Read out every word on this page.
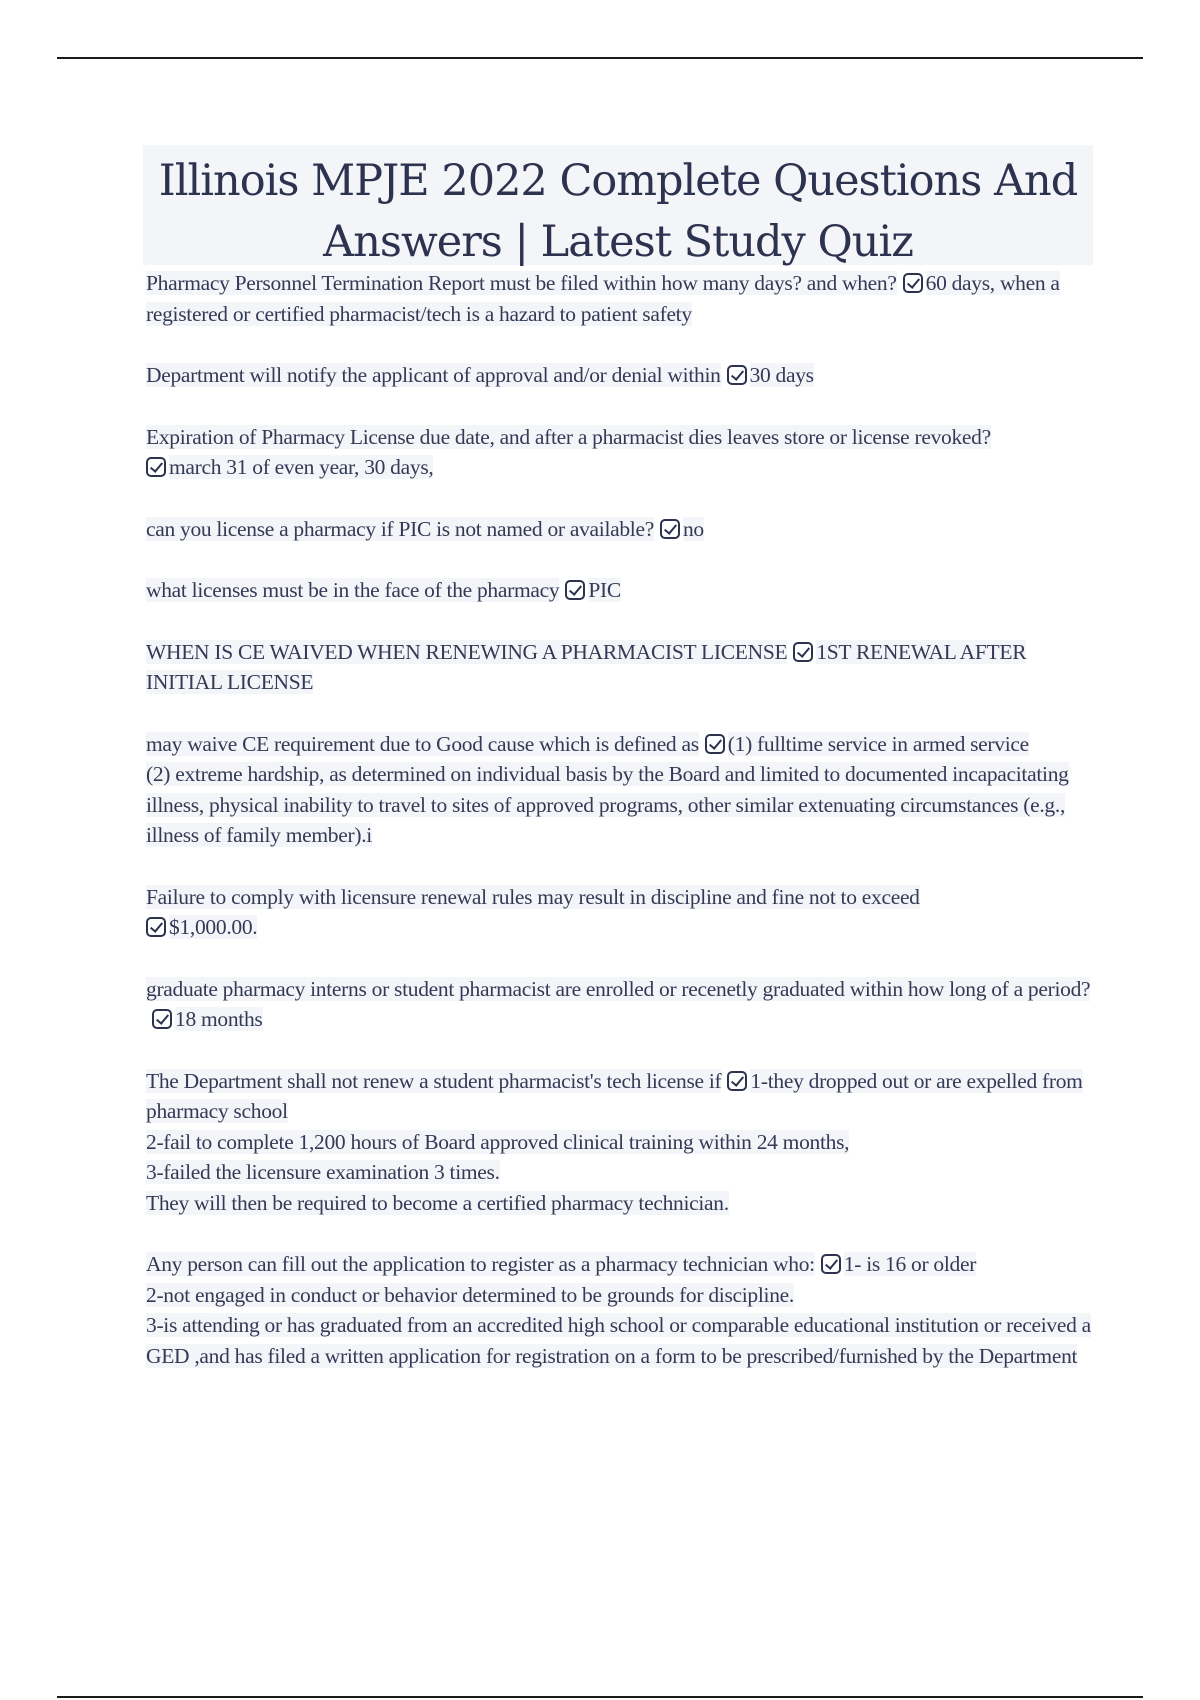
Illinois MPJE 2022 Complete Questions And Answers | Latest Study Quiz

Pharmacy Personnel Termination Report must be filed within how many days? and when? 60 days, when a registered or certified pharmacist/tech is a hazard to patient safety

Department will notify the applicant of approval and/or denial within 30 days

Expiration of Pharmacy License due date, and after a pharmacist dies leaves store or license revoked?
march 31 of even year, 30 days,

can you license a pharmacy if PIC is not named or available? no

what licenses must be in the face of the pharmacy PIC

WHEN IS CE WAIVED WHEN RENEWING A PHARMACIST LICENSE 1ST RENEWAL AFTER INITIAL LICENSE

may waive CE requirement due to Good cause which is defined as (1) fulltime service in armed service
(2) extreme hardship, as determined on individual basis by the Board and limited to documented incapacitating illness, physical inability to travel to sites of approved programs, other similar extenuating circumstances (e.g., illness of family member).i

Failure to comply with licensure renewal rules may result in discipline and fine not to exceed
$1,000.00.

graduate pharmacy interns or student pharmacist are enrolled or recenetly graduated within how long of a period?18 months

The Department shall not renew a student pharmacist's tech license if 1-they dropped out or are expelled from pharmacy school
2-fail to complete 1,200 hours of Board approved clinical training within 24 months,
3-failed the licensure examination 3 times.
They will then be required to become a certified pharmacy technician.

Any person can fill out the application to register as a pharmacy technician who: 1- is 16 or older
2-not engaged in conduct or behavior determined to be grounds for discipline.
3-is attending or has graduated from an accredited high school or comparable educational institution or received a GED ,and has filed a written application for registration on a form to be prescribed/furnished by the Department
